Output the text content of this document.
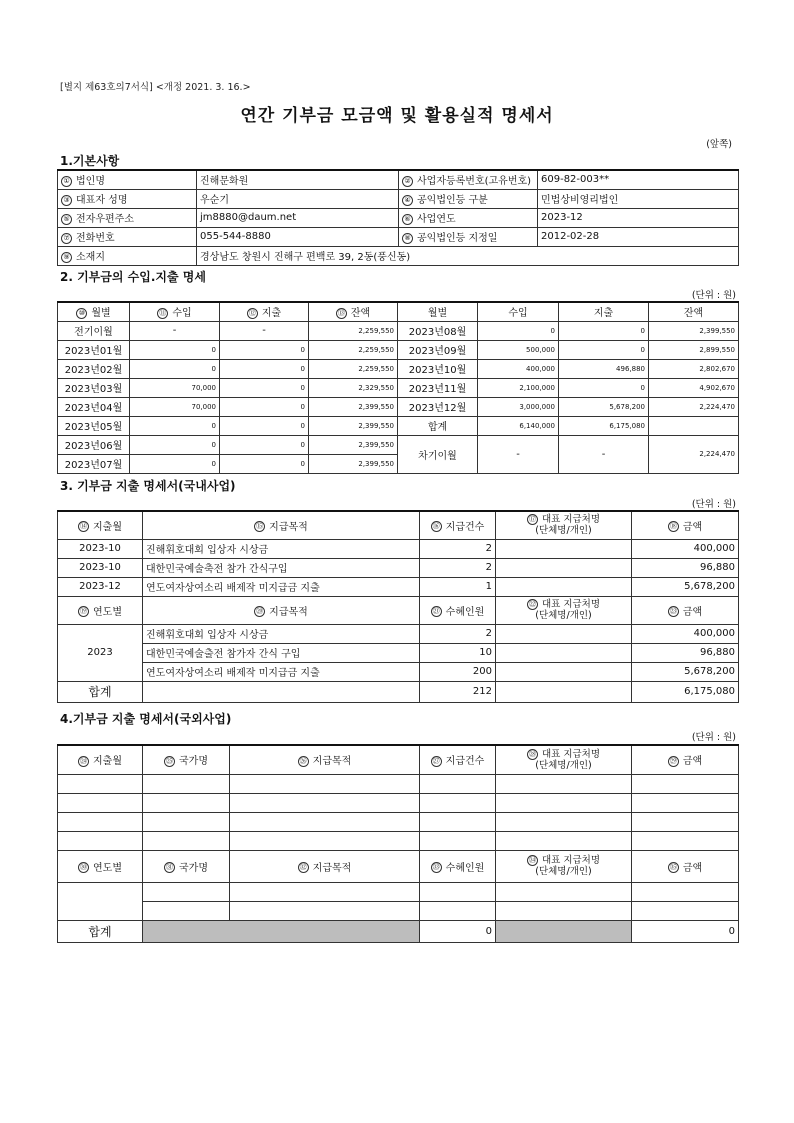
[별지 제63호의7서식] <개정 2021. 3. 16.>
연간 기부금 모금액 및 활용실적 명세서
(앞쪽)
1.기본사항
① 법인명	진해문화원	② 사업자등록번호(고유번호)	609-82-003**
③ 대표자 성명	우순기	④ 공익법인등 구분	민법상비영리법인
⑤ 전자우편주소	jm8880@daum.net	⑥ 사업연도	2023-12
⑦ 전화번호	055-544-8880	⑧ 공익법인등 지정일	2012-02-28
⑨ 소재지	경상남도 창원시 진해구 편백로 39, 2동(풍신동)		
2. 기부금의 수입.지출 명세
(단위 : 원)
⑩ 월별	⑪ 수입	⑫ 지출	⑬ 잔액	월별	수입	지출	잔액
전기이월	-	-	2,259,550	2023년08월	0	0	2,399,550
2023년01월	0	0	2,259,550	2023년09월	500,000	0	2,899,550
2023년02월	0	0	2,259,550	2023년10월	400,000	496,880	2,802,670
2023년03월	70,000	0	2,329,550	2023년11월	2,100,000	0	4,902,670
2023년04월	70,000	0	2,399,550	2023년12월	3,000,000	5,678,200	2,224,470
2023년05월	0	0	2,399,550	합계	6,140,000	6,175,080	
2023년06월	0	0	2,399,550	차기이월	-	-	2,224,470
2023년07월	0	0	2,399,550				
3. 기부금 지출 명세서(국내사업)
(단위 : 원)
⑭ 지출월	⑮ 지급목적	⑯ 지급건수	⑰ 대표 지급처명
(단체명/개인)	⑱ 금액
2023-10	진해휘호대회 입상자 시상금	2		400,000
2023-10	대한민국예술축전 참가 간식구입	2		96,880
2023-12	연도여자상여소리 배제작 미지급금 지출	1		5,678,200
⑲ 연도별	⑳ 지급목적	㉑ 수혜인원	㉒ 대표 지급처명
(단체명/개인)	㉓ 금액
2023	진해휘호대회 입상자 시상금	2		400,000
	대한민국예술출전 참가자 간식 구입	10		96,880
	연도여자상여소리 배제작 미지급금 지출	200		5,678,200
합계		212		6,175,080
4.기부금 지출 명세서(국외사업)
(단위 : 원)
㉔ 지출월	㉕ 국가명	㉖ 지급목적	㉗ 지급건수	㉘ 대표 지급처명
(단체명/개인)	㉙ 금액

㉚ 연도별	㉛ 국가명	㉜ 지급목적	㉝ 수혜인원	㉞ 대표 지급처명
(단체명/개인)	㉟ 금액

합계			0		0
